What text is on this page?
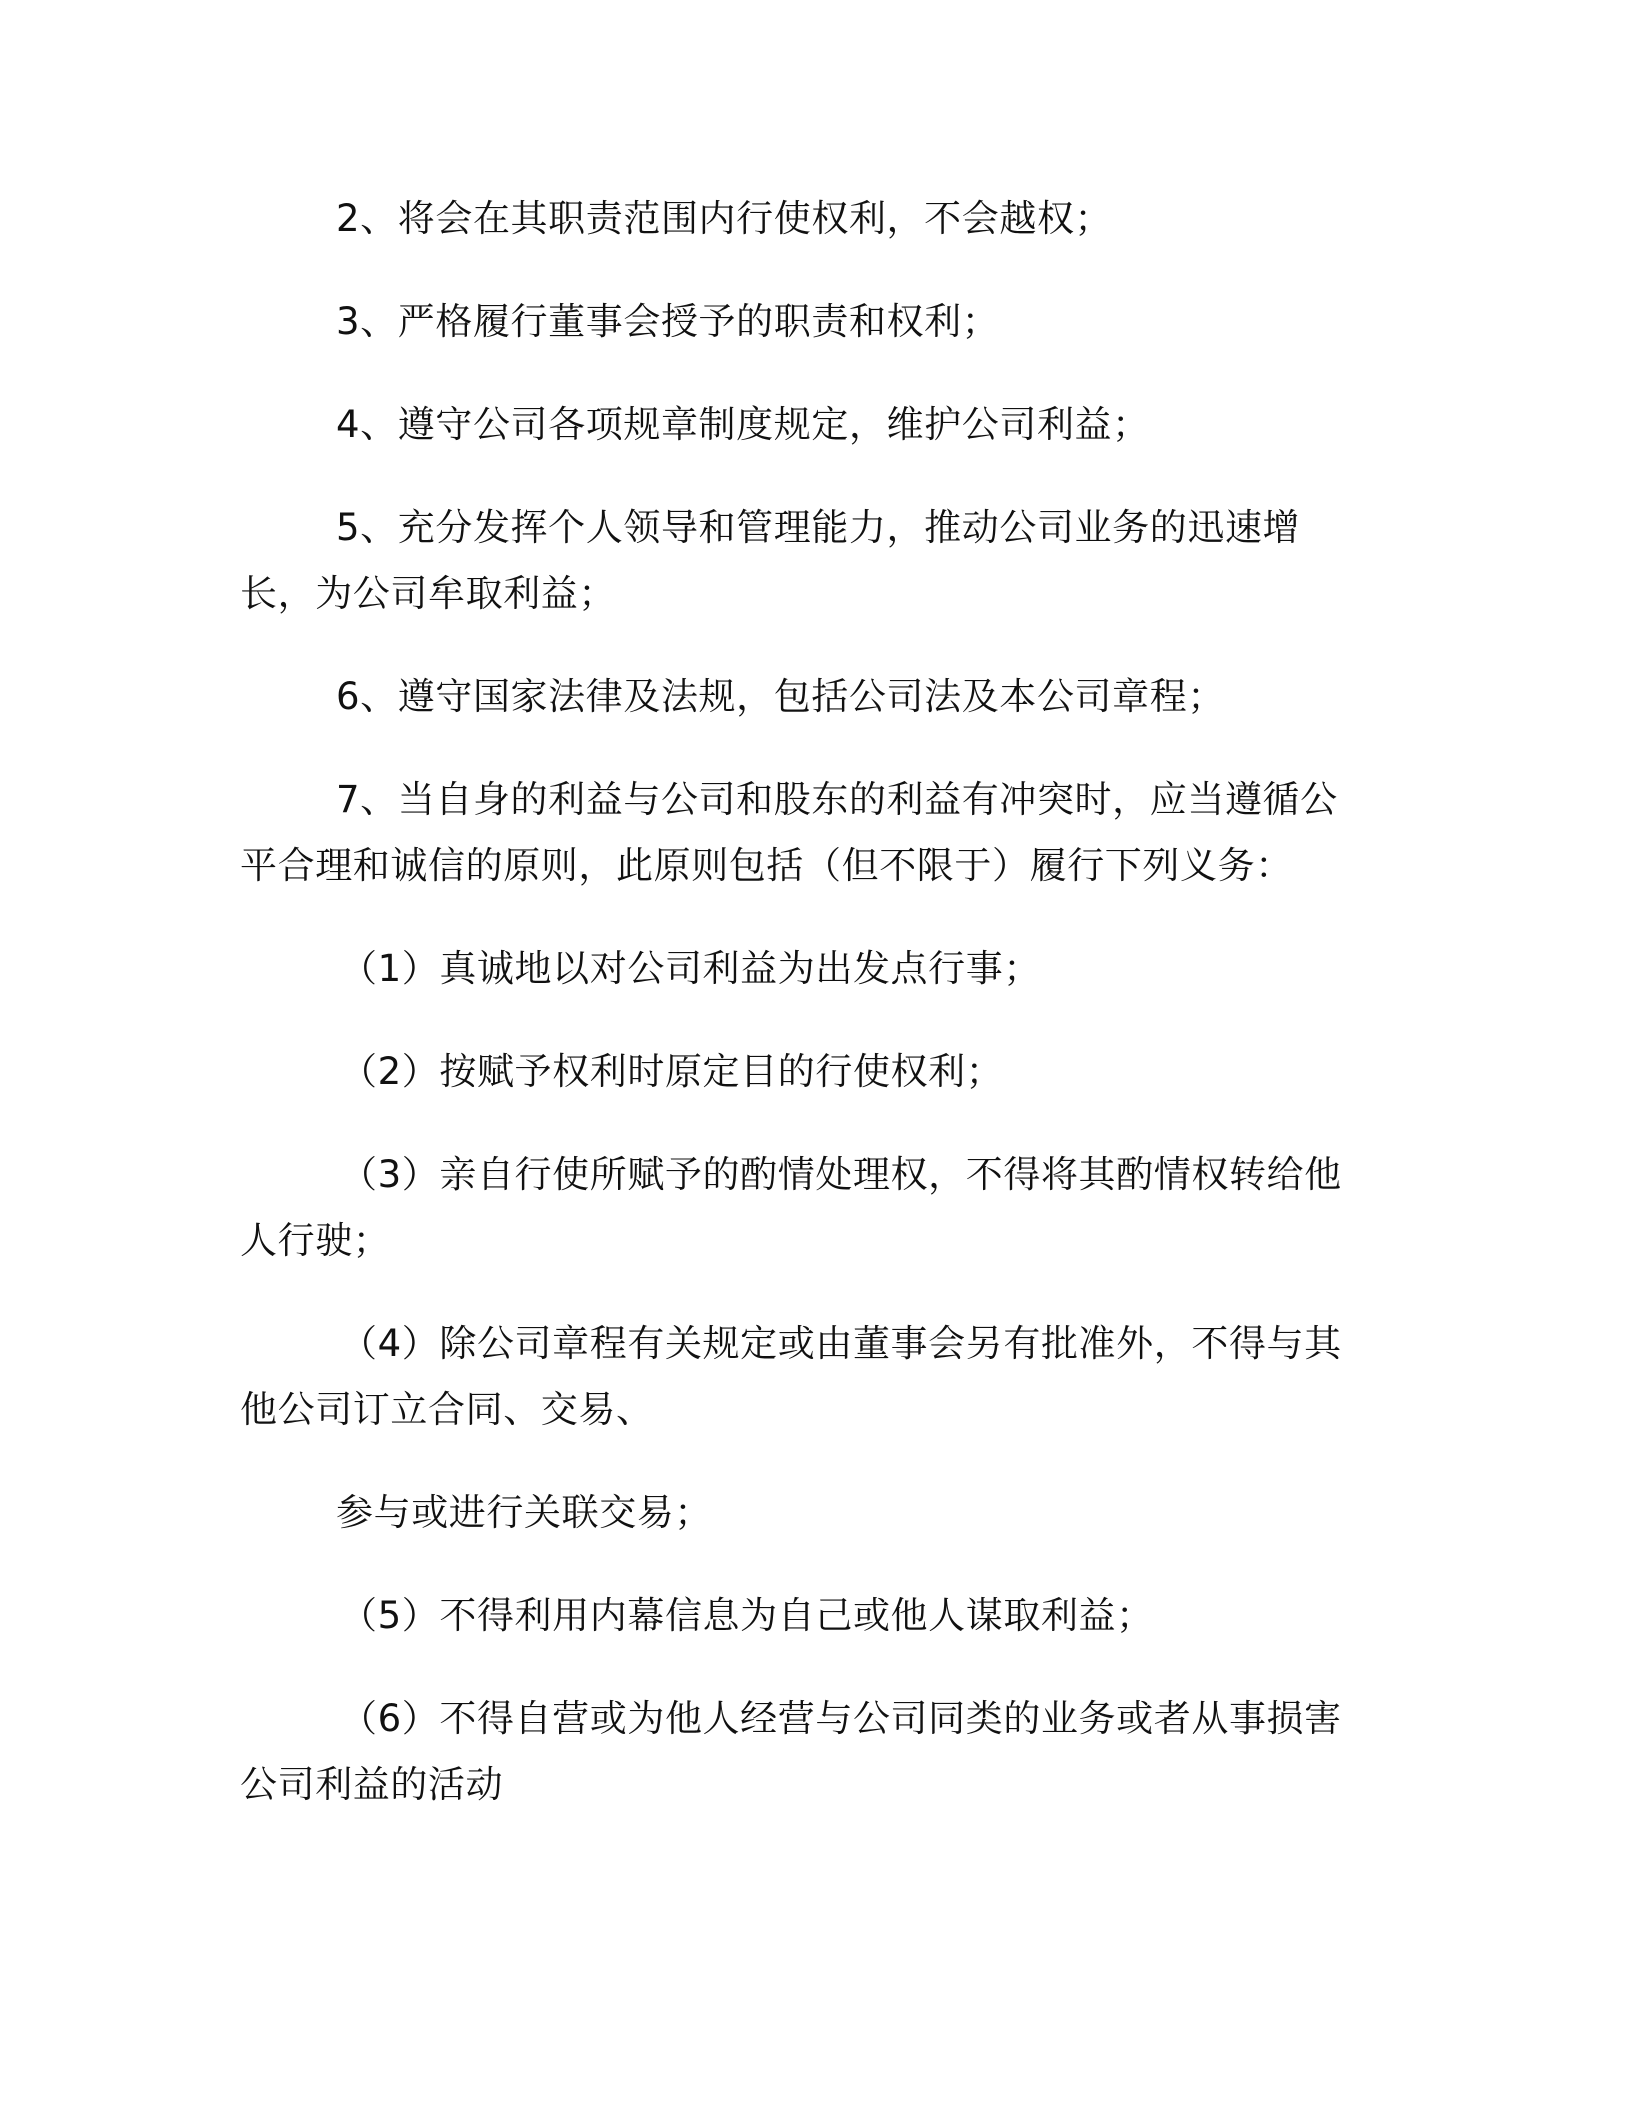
2、将会在其职责范围内行使权利，不会越权；

3、严格履行董事会授予的职责和权利；

4、遵守公司各项规章制度规定，维护公司利益；

5、充分发挥个人领导和管理能力，推动公司业务的迅速增长，为公司牟取利益；

6、遵守国家法律及法规，包括公司法及本公司章程；

7、当自身的利益与公司和股东的利益有冲突时，应当遵循公平合理和诚信的原则，此原则包括（但不限于）履行下列义务：

（1）真诚地以对公司利益为出发点行事；

（2）按赋予权利时原定目的行使权利；

（3）亲自行使所赋予的酌情处理权，不得将其酌情权转给他人行驶；

（4）除公司章程有关规定或由董事会另有批准外，不得与其他公司订立合同、交易、

参与或进行关联交易；

（5）不得利用内幕信息为自己或他人谋取利益；

（6）不得自营或为他人经营与公司同类的业务或者从事损害公司利益的活动
